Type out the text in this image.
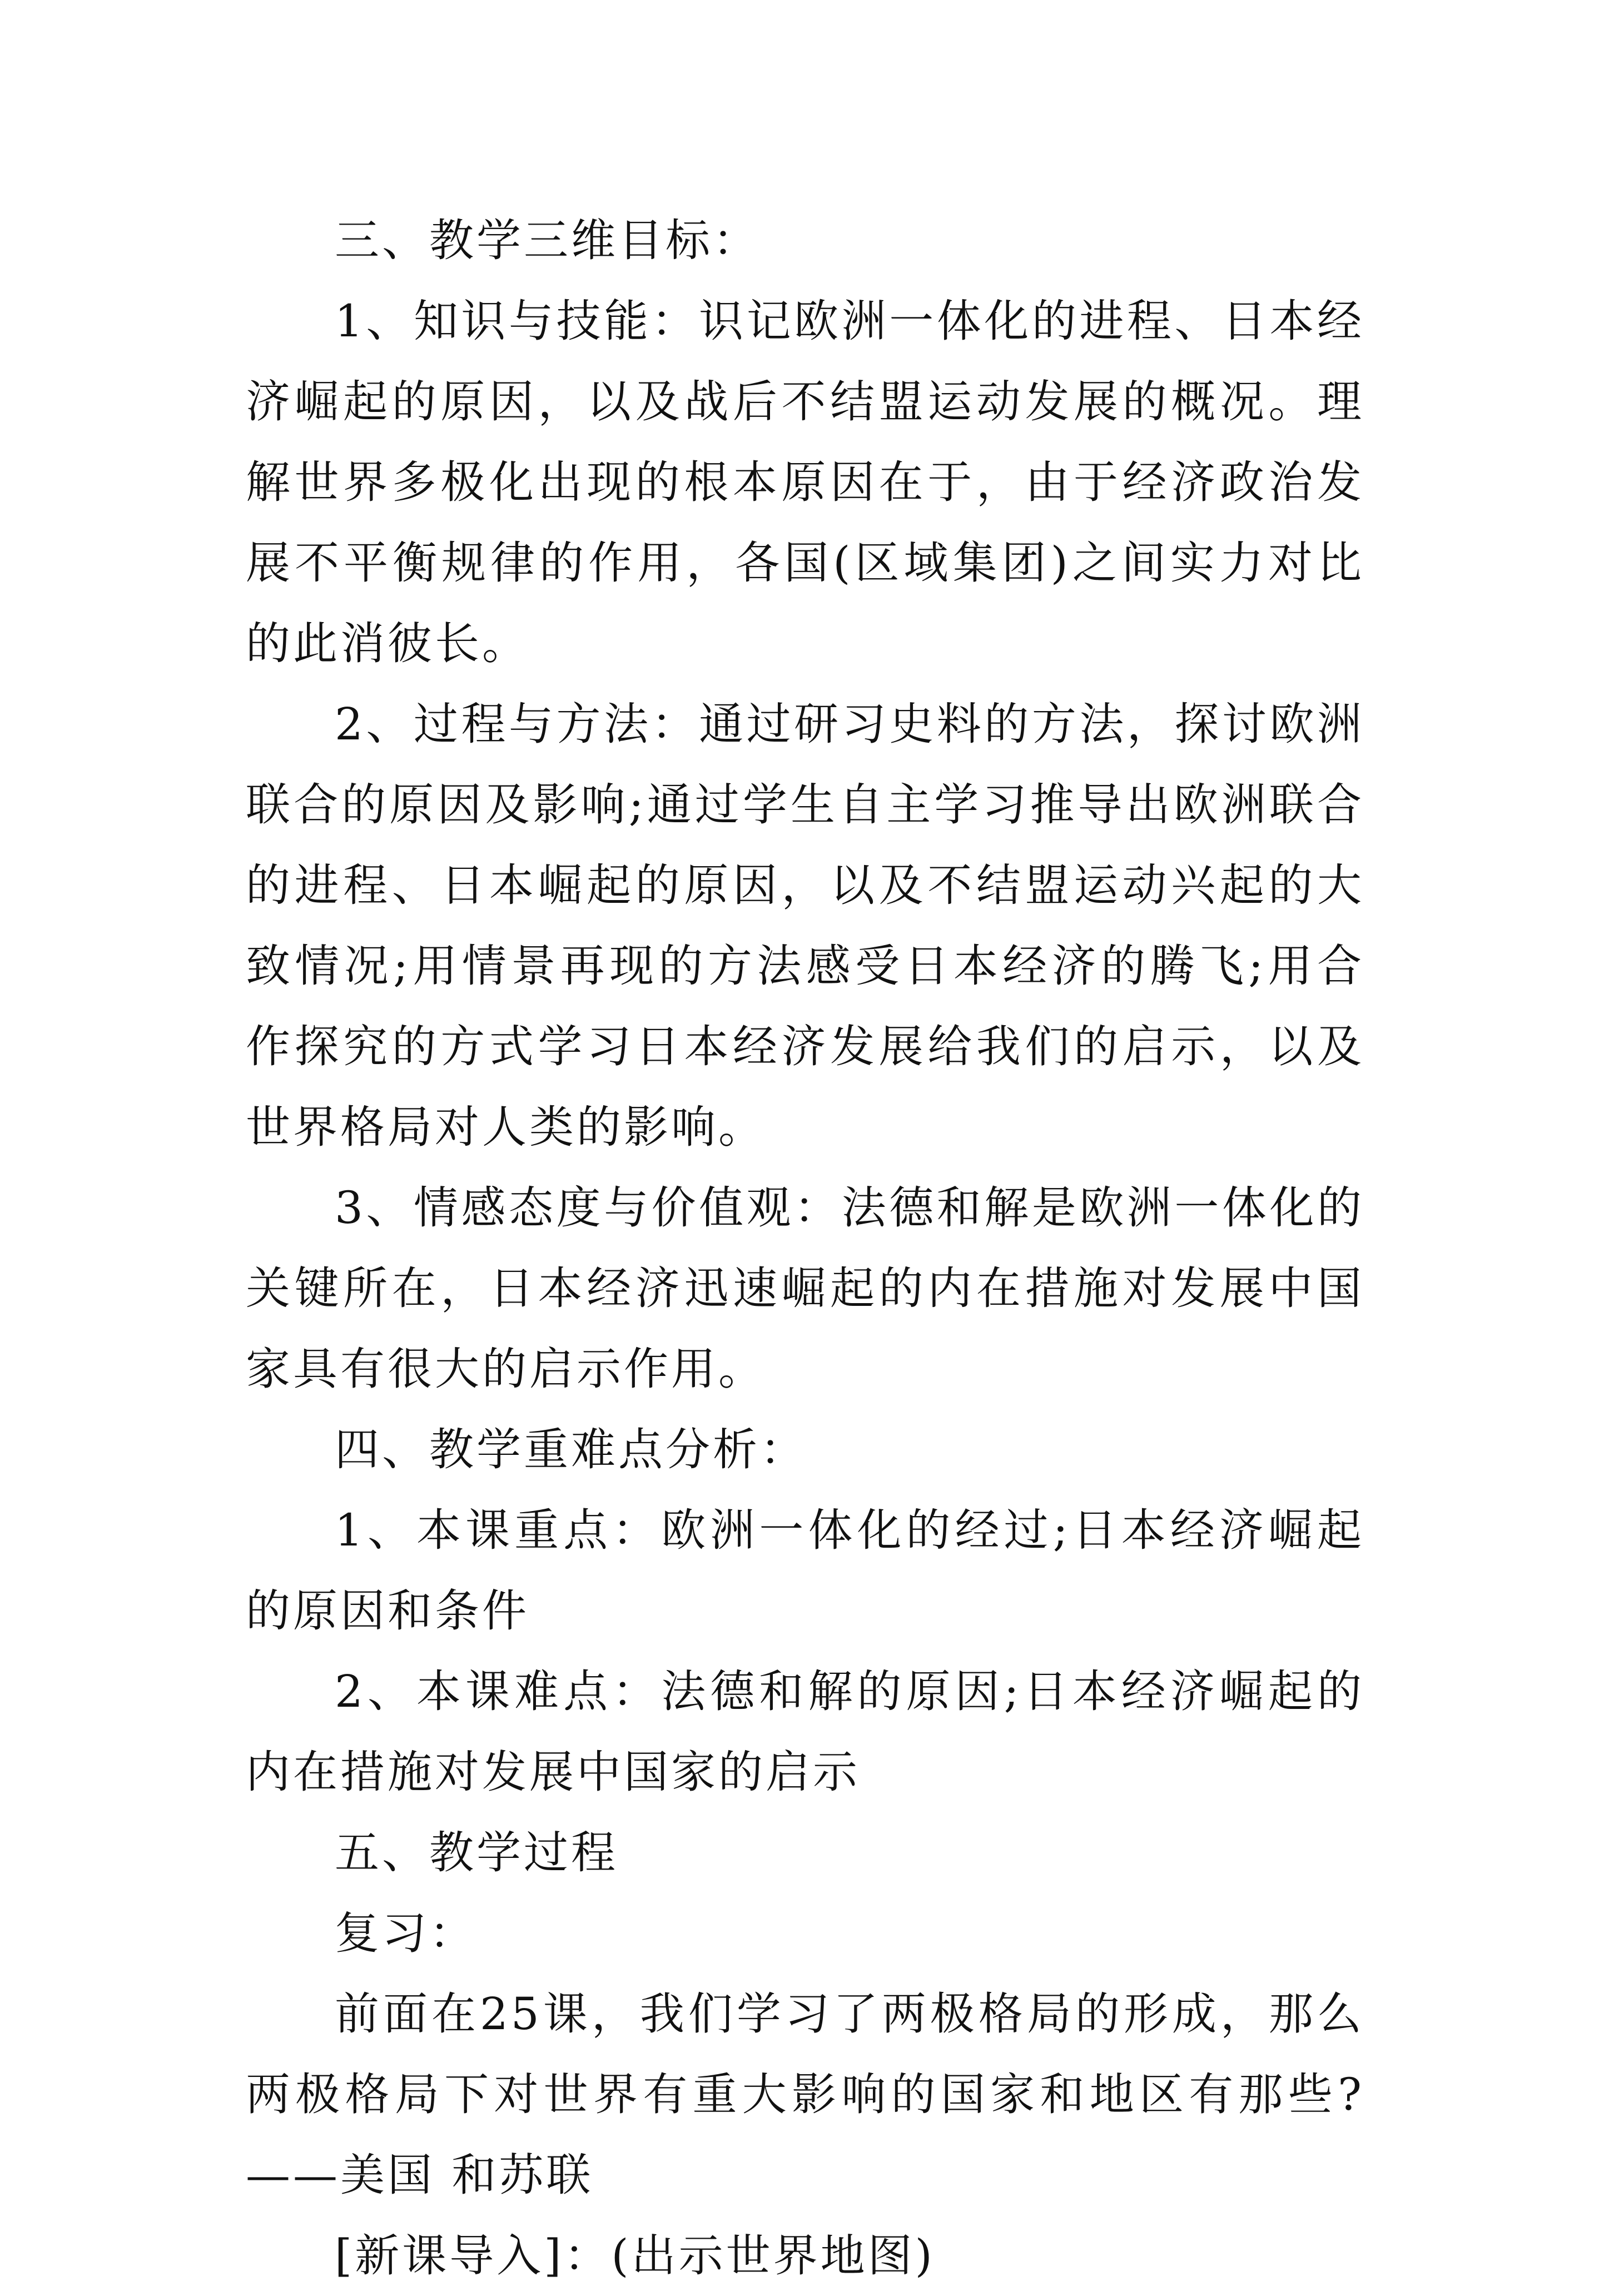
三、教学三维目标：

1、知识与技能：识记欧洲一体化的进程、日本经济崛起的原因，以及战后不结盟运动发展的概况。理解世界多极化出现的根本原因在于，由于经济政治发展不平衡规律的作用，各国(区域集团)之间实力对比的此消彼长。

2、过程与方法：通过研习史料的方法，探讨欧洲联合的原因及影响;通过学生自主学习推导出欧洲联合的进程、日本崛起的原因，以及不结盟运动兴起的大致情况;用情景再现的方法感受日本经济的腾飞;用合作探究的方式学习日本经济发展给我们的启示，以及世界格局对人类的影响。

3、情感态度与价值观：法德和解是欧洲一体化的关键所在，日本经济迅速崛起的内在措施对发展中国家具有很大的启示作用。

四、教学重难点分析：

1、本课重点：欧洲一体化的经过;日本经济崛起的原因和条件

2、本课难点：法德和解的原因;日本经济崛起的内在措施对发展中国家的启示

五、教学过程

复习：

前面在25课，我们学习了两极格局的形成，那么两极格局下对世界有重大影响的国家和地区有那些?——美国 和苏联

[新课导入]：(出示世界地图)
